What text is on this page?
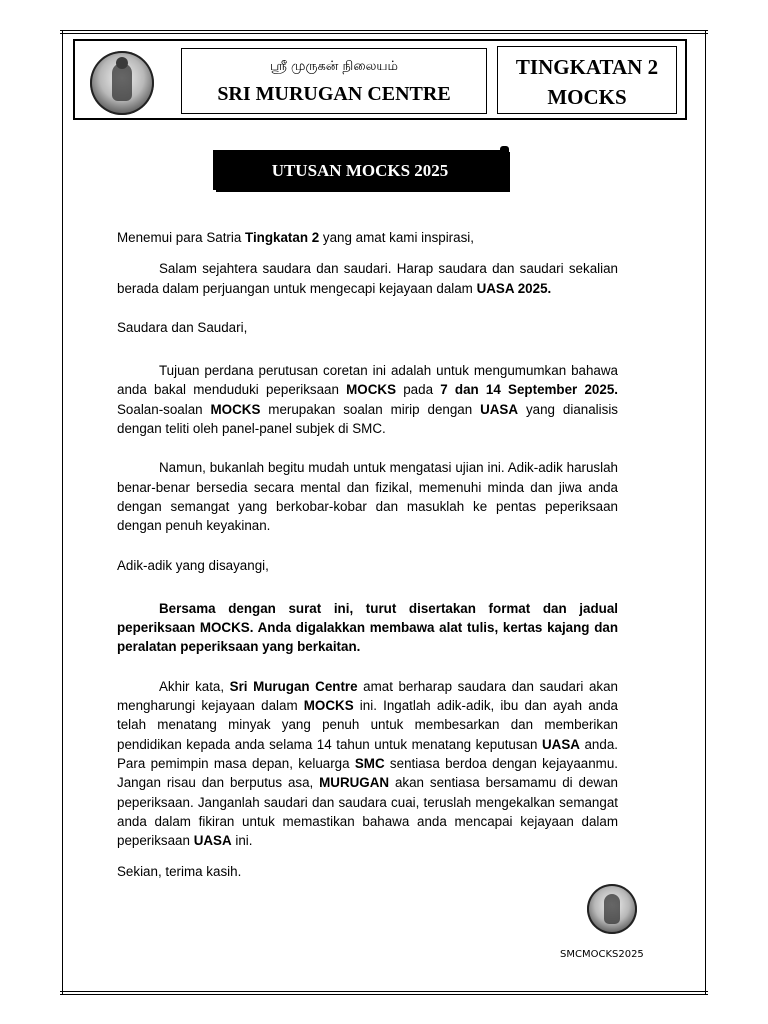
ஸ்ரீ முருகன் நிலையம்
SRI MURUGAN CENTRE
TINGKATAN 2
MOCKS
UTUSAN MOCKS 2025

Menemui para Satria Tingkatan 2 yang amat kami inspirasi,

Salam sejahtera saudara dan saudari. Harap saudara dan saudari sekalian berada dalam perjuangan untuk mengecapi kejayaan dalam UASA 2025.

Saudara dan Saudari,

Tujuan perdana perutusan coretan ini adalah untuk mengumumkan bahawa anda bakal menduduki peperiksaan MOCKS pada 7 dan 14 September 2025. Soalan-soalan MOCKS merupakan soalan mirip dengan UASA yang dianalisis dengan teliti oleh panel-panel subjek di SMC.

Namun, bukanlah begitu mudah untuk mengatasi ujian ini. Adik-adik haruslah benar-benar bersedia secara mental dan fizikal, memenuhi minda dan jiwa anda dengan semangat yang berkobar-kobar dan masuklah ke pentas peperiksaan dengan penuh keyakinan.

Adik-adik yang disayangi,

Bersama dengan surat ini, turut disertakan format dan jadual peperiksaan MOCKS. Anda digalakkan membawa alat tulis, kertas kajang dan peralatan peperiksaan yang berkaitan.

Akhir kata, Sri Murugan Centre amat berharap saudara dan saudari akan mengharungi kejayaan dalam MOCKS ini. Ingatlah adik-adik, ibu dan ayah anda telah menatang minyak yang penuh untuk membesarkan dan memberikan pendidikan kepada anda selama 14 tahun untuk menatang keputusan UASA anda. Para pemimpin masa depan, keluarga SMC sentiasa berdoa dengan kejayaanmu. Jangan risau dan berputus asa, MURUGAN akan sentiasa bersamamu di dewan peperiksaan. Janganlah saudari dan saudara cuai, teruslah mengekalkan semangat anda dalam fikiran untuk memastikan bahawa anda mencapai kejayaan dalam peperiksaan UASA ini.

Sekian, terima kasih.

SMCMOCKS2025
